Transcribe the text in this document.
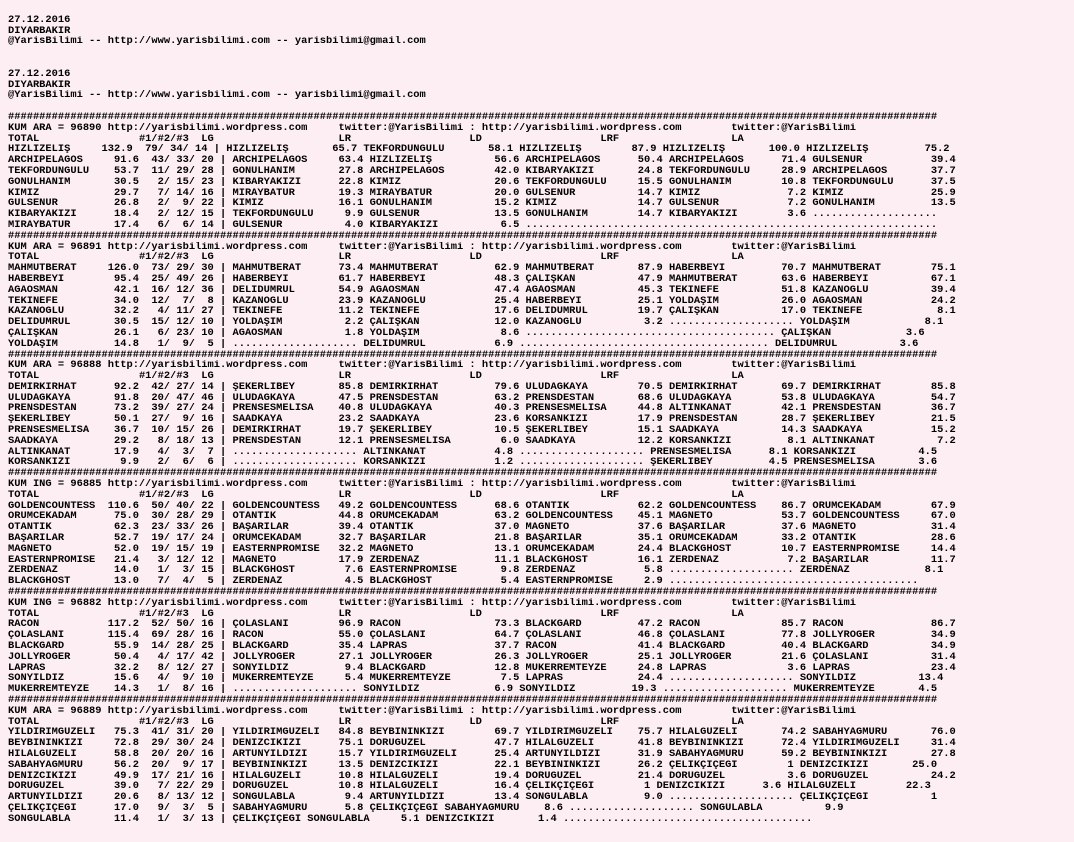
27.12.2016
DIYARBAKIR
@YarisBilimi -- http://www.yarisbilimi.com -- yarisbilimi@gmail.com
27.12.2016
DIYARBAKIR
@YarisBilimi -- http://www.yarisbilimi.com -- yarisbilimi@gmail.com
#####################################################################################################################################################
KUM ARA = 96890 http://yarisbilimi.wordpress.com     twitter:@YarisBilimi : http://yarisbilimi.wordpress.com        twitter:@YarisBilimi
TOTAL                #1/#2/#3  LG                    LR                   LD                   LRF                  LA
HIZLIZELİŞ     132.9  79/ 34/ 14 | HIZLIZELİŞ       65.7 TEKFORDUNGÜLÜ       58.1 HIZLIZELİŞ        87.9 HIZLIZELİŞ       100.0 HIZLIZELİŞ         75.2
ARCHİPELAGOS     91.6  43/ 33/ 20 | ARCHİPELAGOS     63.4 HIZLIZELİŞ          56.6 ARCHİPELAGOS      50.4 ARCHİPELAGOS      71.4 GULSENUR           39.4
TEKFORDUNGÜLÜ    53.7  11/ 29/ 28 | GONULHANIM       27.8 ARCHİPELAGOS        42.0 KIBARYAKIZI       24.8 TEKFORDUNGÜLÜ     28.9 ARCHİPELAGOS       37.7
GONULHANIM       30.5   2/ 15/ 23 | KIBARYAKIZI      22.8 KIMIZ               20.6 TEKFORDUNGÜLÜ     15.5 GONULHANIM        10.8 TEKFORDUNGÜLÜ      37.5
KIMIZ            29.7   7/ 14/ 16 | MIRAYBATUR       19.3 MIRAYBATUR          20.0 GULSENUR          14.7 KIMIZ              7.2 KIMIZ              25.9
GULSENUR         26.8   2/  9/ 22 | KIMIZ            16.1 GONULHANIM          15.2 KIMIZ             14.7 GULSENUR           7.2 GONULHANIM         13.5
KIBARYAKIZI      18.4   2/ 12/ 15 | TEKFORDUNGÜLÜ     9.9 GULSENUR            13.5 GONULHANIM        14.7 KIBARYAKIZI        3.6 ....................
MIRAYBATUR       17.4   6/  6/ 14 | GULSENUR          4.0 KIBARYAKIZI          6.5 ..................................................................
#####################################################################################################################################################
KUM ARA = 96891 http://yarisbilimi.wordpress.com     twitter:@YarisBilimi : http://yarisbilimi.wordpress.com        twitter:@YarisBilimi
TOTAL                #1/#2/#3  LG                    LR                   LD                   LRF                  LA
MAHMUTBERAT     126.0  73/ 29/ 30 | MAHMUTBERAT      73.4 MAHMUTBERAT         62.9 MAHMUTBERAT       87.9 HABERBEYİ         70.7 MAHMUTBERAT        75.1
HABERBEYİ        95.4  25/ 49/ 26 | HABERBEYİ        61.7 HABERBEYİ           48.3 ÇALIŞKAN          47.9 MAHMUTBERAT       63.6 HABERBEYİ          67.1
AGAOSMAN         42.1  16/ 12/ 36 | DELIDUMRUL       54.9 AGAOSMAN            47.4 AGAOSMAN          45.3 TEKINEFE          51.8 KAZANOGLU          39.4
TEKINEFE         34.0  12/  7/  8 | KAZANOGLU        23.9 KAZANOGLU           25.4 HABERBEYİ         25.1 YOLDAŞIM          26.0 AGAOSMAN           24.2
KAZANOGLU        32.2   4/ 11/ 27 | TEKINEFE         11.2 TEKINEFE            17.6 DELIDUMRUL        19.7 ÇALIŞKAN          17.0 TEKINEFE            8.1
DELIDUMRUL       30.5  15/ 12/ 10 | YOLDAŞIM          2.2 ÇALIŞKAN            12.0 KAZANOGLU          3.2 .................... YOLDAŞIM            8.1
ÇALIŞKAN         26.1   6/ 23/ 10 | AGAOSMAN          1.8 YOLDAŞIM             8.6 ........................................ ÇALIŞKAN            3.6
YOLDAŞIM         14.8   1/  9/  5 | .................... DELIDUMRUL           6.9 ........................................ DELIDUMRUL          3.6
#####################################################################################################################################################
KUM ARA = 96888 http://yarisbilimi.wordpress.com     twitter:@YarisBilimi : http://yarisbilimi.wordpress.com        twitter:@YarisBilimi
TOTAL                #1/#2/#3  LG                    LR                   LD                   LRF                  LA
DEMİRKIRHAT      92.2  42/ 27/ 14 | ŞEKERLİBEY       85.8 DEMİRKIRHAT         79.6 ULUDAGKAYA        70.5 DEMİRKIRHAT       69.7 DEMİRKIRHAT        85.8
ULUDAGKAYA       91.8  20/ 47/ 46 | ULUDAGKAYA       47.5 PRENSDESTAN         63.2 PRENSDESTAN       68.6 ULUDAGKAYA        53.8 ULUDAGKAYA         54.7
PRENSDESTAN      73.2  39/ 27/ 24 | PRENSESMELİSA    40.8 ULUDAGKAYA          40.3 PRENSESMELİSA     44.8 ALTINKANAT        42.1 PRENSDESTAN        36.7
ŞEKERLİBEY       50.1  27/  9/ 16 | SAADKAYA         23.2 SAADKAYA            23.6 KORSANKIZI        17.9 PRENSDESTAN       28.7 ŞEKERLİBEY         21.5
PRENSESMELİSA    36.7  10/ 15/ 26 | DEMİRKIRHAT      19.7 ŞEKERLİBEY          10.5 ŞEKERLİBEY        15.1 SAADKAYA          14.3 SAADKAYA           15.2
SAADKAYA         29.2   8/ 18/ 13 | PRENSDESTAN      12.1 PRENSESMELİSA        6.0 SAADKAYA          12.2 KORSANKIZI         8.1 ALTINKANAT          7.2
ALTINKANAT       17.9   4/  3/  7 | .................... ALTINKANAT           4.8 .................... PRENSESMELİSA      8.1 KORSANKIZI          4.5
KORSANKIZI        9.9   2/  6/  6 | .................... KORSANKIZI           1.2 .................... ŞEKERLİBEY         4.5 PRENSESMELİSA       3.6
#####################################################################################################################################################
KUM ING = 96885 http://yarisbilimi.wordpress.com     twitter:@YarisBilimi : http://yarisbilimi.wordpress.com        twitter:@YarisBilimi
TOTAL                #1/#2/#3  LG                    LR                   LD                   LRF                  LA
GOLDENCOUNTESS  110.6  50/ 40/ 22 | GOLDENCOUNTESS   49.2 GOLDENCOUNTESS      68.6 OTANTİK           62.2 GOLDENCOUNTESS    86.7 ORUMCEKADAM        67.9
ORUMCEKADAM      75.0  30/ 28/ 29 | OTANTİK          44.8 ORUMCEKADAM         63.2 GOLDENCOUNTESS    45.1 MAGNETO           53.7 GOLDENCOUNTESS     67.0
OTANTİK          62.3  23/ 33/ 26 | BAŞARILAR        39.4 OTANTİK             37.0 MAGNETO           37.6 BAŞARILAR         37.6 MAGNETO            31.4
BAŞARILAR        52.7  19/ 17/ 24 | ORUMCEKADAM      32.7 BAŞARILAR           21.8 BAŞARILAR         35.1 ORUMCEKADAM       33.2 OTANTİK            28.6
MAGNETO          52.0  19/ 15/ 19 | EASTERNPROMISE   32.2 MAGNETO             13.1 ORUMCEKADAM       24.4 BLACKGHOST        10.7 EASTERNPROMISE     14.4
EASTERNPROMISE   21.4   3/ 12/ 12 | MAGNETO          17.9 ZERDENAZ            11.1 BLACKGHOST        16.1 ZERDENAZ           7.2 BAŞARILAR          11.7
ZERDENAZ         14.0   1/  3/ 15 | BLACKGHOST        7.6 EASTERNPROMISE       9.8 ZERDENAZ           5.8 .................... ZERDENAZ            8.1
BLACKGHOST       13.0   7/  4/  5 | ZERDENAZ          4.5 BLACKGHOST           5.4 EASTERNPROMISE     2.9 ........................................
#####################################################################################################################################################
KUM ING = 96882 http://yarisbilimi.wordpress.com     twitter:@YarisBilimi : http://yarisbilimi.wordpress.com        twitter:@YarisBilimi
TOTAL                #1/#2/#3  LG                    LR                   LD                   LRF                  LA
RACON           117.2  52/ 50/ 16 | ÇOLASLANI        96.9 RACON               73.3 BLACKGARD         47.2 RACON             85.7 RACON              86.7
ÇOLASLANI       115.4  69/ 28/ 16 | RACON            55.0 ÇOLASLANI           64.7 ÇOLASLANI         46.8 ÇOLASLANI         77.8 JOLLYROGER         34.9
BLACKGARD        55.9  14/ 28/ 25 | BLACKGARD        35.4 LAPRAS              37.7 RACON             41.4 BLACKGARD         40.4 BLACKGARD          34.9
JOLLYROGER       50.4   4/ 17/ 42 | JOLLYROGER       27.1 JOLLYROGER          26.3 JOLLYROGER        25.1 JOLLYROGER        21.6 ÇOLASLANI          31.4
LAPRAS           32.2   8/ 12/ 27 | SONYILDIZ         9.4 BLACKGARD           12.8 MUKERREMTEYZE     24.8 LAPRAS             3.6 LAPRAS             23.4
SONYILDIZ        15.6   4/  9/ 10 | MUKERREMTEYZE     5.4 MUKERREMTEYZE        7.5 LAPRAS            24.4 .................... SONYILDIZ          13.4
MUKERREMTEYZE    14.3   1/  8/ 16 | .................... SONYILDIZ            6.9 SONYILDIZ         19.3 .................... MUKERREMTEYZE       4.5
#####################################################################################################################################################
KUM ARA = 96889 http://yarisbilimi.wordpress.com     twitter:@YarisBilimi : http://yarisbilimi.wordpress.com        twitter:@YarisBilimi
TOTAL                #1/#2/#3  LG                    LR                   LD                   LRF                  LA
YILDIRIMGÜZELİ   75.3  41/ 31/ 20 | YILDIRIMGÜZELİ   84.8 BEYBİNİNKIZI        69.7 YILDIRIMGÜZELİ    75.7 HİLALGÜZELİ       74.2 SABAHYAGMURU       76.0
BEYBİNİNKIZI     72.8  29/ 30/ 24 | DENIZCIKIZI      75.1 DORUGUZEL           47.7 HİLALGÜZELİ       41.8 BEYBİNİNKIZI      72.4 YILDIRIMGÜZELİ     31.4
HİLALGÜZELİ      58.8  20/ 20/ 16 | ARTUNYILDIZI     15.7 YILDIRIMGÜZELİ      25.4 ARTUNYILDIZI      31.9 SABAHYAGMURU      59.2 BEYBİNİNKIZI       27.8
SABAHYAGMURU     56.2  20/  9/ 17 | BEYBİNİNKIZI     13.5 DENIZCIKIZI         22.1 BEYBİNİNKIZI      26.2 ÇELİKÇİÇEĞİ        1 DENIZCIKIZI       25.0
DENIZCIKIZI      49.9  17/ 21/ 16 | HİLALGÜZELİ      10.8 HİLALGÜZELİ         19.4 DORUGUZEL         21.4 DORUGUZEL          3.6 DORUGUZEL          24.2
DORUGUZEL        39.0   7/ 22/ 29 | DORUGUZEL        10.8 HİLALGÜZELİ         16.4 ÇELİKÇİÇEĞİ        1 DENIZCIKIZI      3.6 HİLALGÜZELİ        22.3
ARTUNYILDIZI     20.6   8/ 13/ 12 | SONGULABLA        9.4 ARTUNYILDIZI        13.4 SONGULABLA         9.0 .................... ÇELİKÇİÇEĞİ          1
ÇELİKÇİÇEĞİ      17.0   9/  3/  5 | SABAHYAGMURU      5.8 ÇELİKÇİÇEĞİ SABAHYAGMURU    8.6 .................... SONGULABLA          9.9
SONGULABLA       11.4   1/  3/ 13 | ÇELİKÇİÇEĞİ SONGULABLA     5.1 DENIZCIKIZI       1.4 ........................................
